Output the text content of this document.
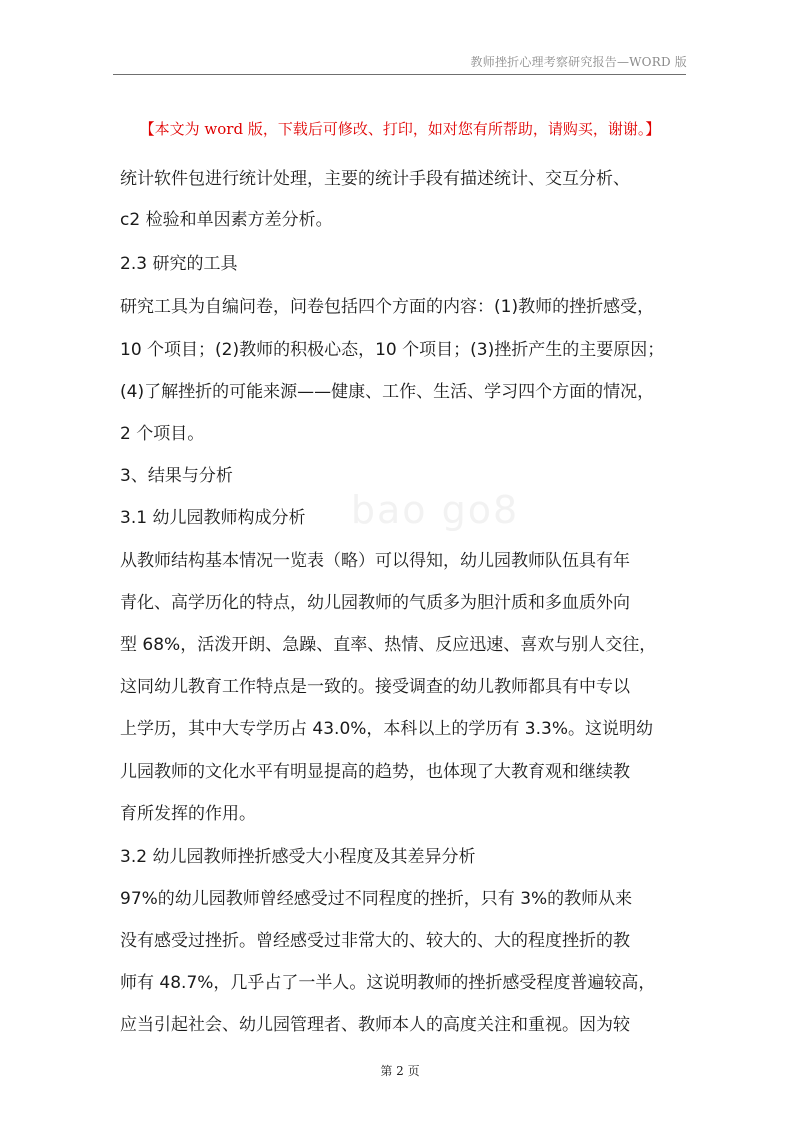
教师挫折心理考察研究报告—WORD 版
【本文为 word 版，下载后可修改、打印，如对您有所帮助，请购买，谢谢。】
bao go8
统计软件包进行统计处理，主要的统计手段有描述统计、交互分析、
c2 检验和单因素方差分析。
2.3 研究的工具
研究工具为自编问卷，问卷包括四个方面的内容：(1)教师的挫折感受，
10 个项目；(2)教师的积极心态，10 个项目；(3)挫折产生的主要原因；
(4)了解挫折的可能来源——健康、工作、生活、学习四个方面的情况，
2 个项目。
3、结果与分析
3.1 幼儿园教师构成分析
从教师结构基本情况一览表（略）可以得知，幼儿园教师队伍具有年
青化、高学历化的特点，幼儿园教师的气质多为胆汁质和多血质外向
型 68%，活泼开朗、急躁、直率、热情、反应迅速、喜欢与别人交往，
这同幼儿教育工作特点是一致的。接受调查的幼儿教师都具有中专以
上学历，其中大专学历占 43.0%，本科以上的学历有 3.3%。这说明幼
儿园教师的文化水平有明显提高的趋势，也体现了大教育观和继续教
育所发挥的作用。
3.2 幼儿园教师挫折感受大小程度及其差异分析
97%的幼儿园教师曾经感受过不同程度的挫折，只有 3%的教师从来
没有感受过挫折。曾经感受过非常大的、较大的、大的程度挫折的教
师有 48.7%，几乎占了一半人。这说明教师的挫折感受程度普遍较高，
应当引起社会、幼儿园管理者、教师本人的高度关注和重视。因为较
第 2 页
